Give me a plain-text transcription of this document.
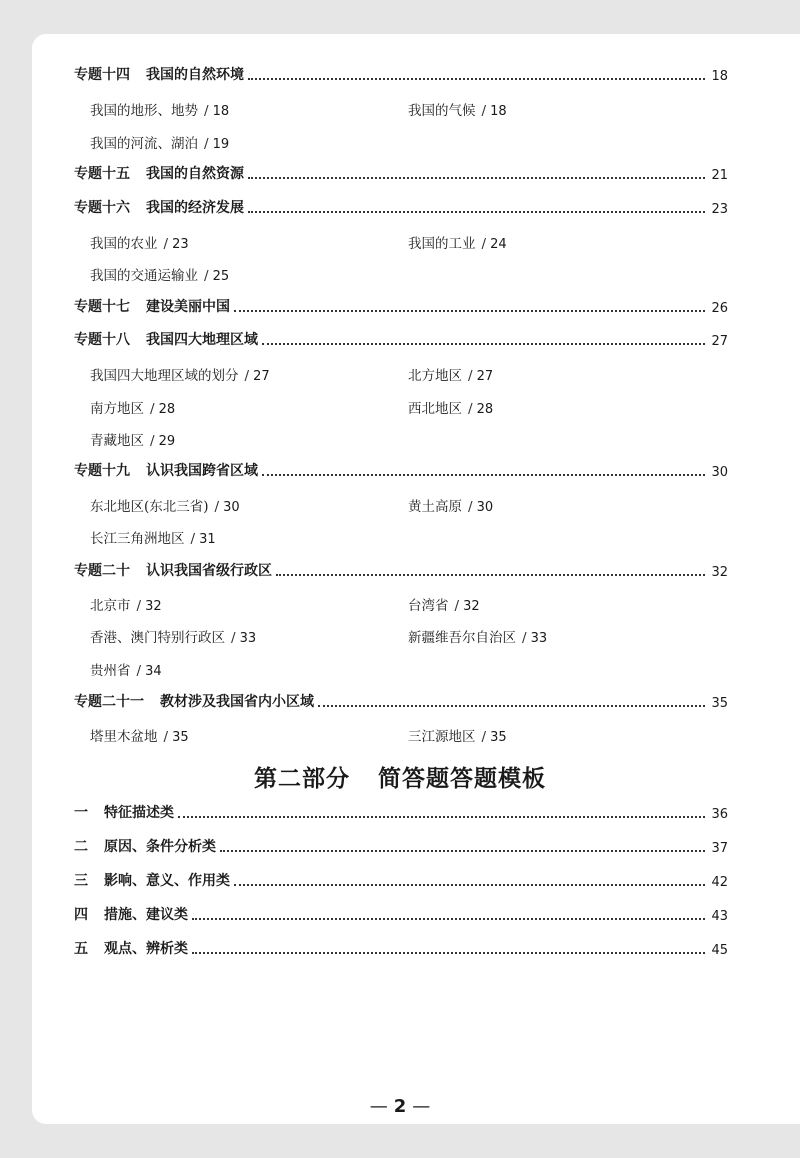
专题十四 我国的自然环境	18
我国的地形、地势 / 18	我国的气候 / 18
我国的河流、湖泊 / 19
专题十五 我国的自然资源	21
专题十六 我国的经济发展	23
我国的农业 / 23	我国的工业 / 24
我国的交通运输业 / 25
专题十七 建设美丽中国	26
专题十八 我国四大地理区域	27
我国四大地理区域的划分 / 27	北方地区 / 27
南方地区 / 28	西北地区 / 28
青藏地区 / 29
专题十九 认识我国跨省区域	30
东北地区(东北三省) / 30	黄土高原 / 30
长江三角洲地区 / 31
专题二十 认识我国省级行政区	32
北京市 / 32	台湾省 / 32
香港、澳门特别行政区 / 33	新疆维吾尔自治区 / 33
贵州省 / 34
专题二十一 教材涉及我国省内小区域	35
塔里木盆地 / 35	三江源地区 / 35
第二部分 简答题答题模板
一 特征描述类	36
二 原因、条件分析类	37
三 影响、意义、作用类	42
四 措施、建议类	43
五 观点、辨析类	45
— 2 —
